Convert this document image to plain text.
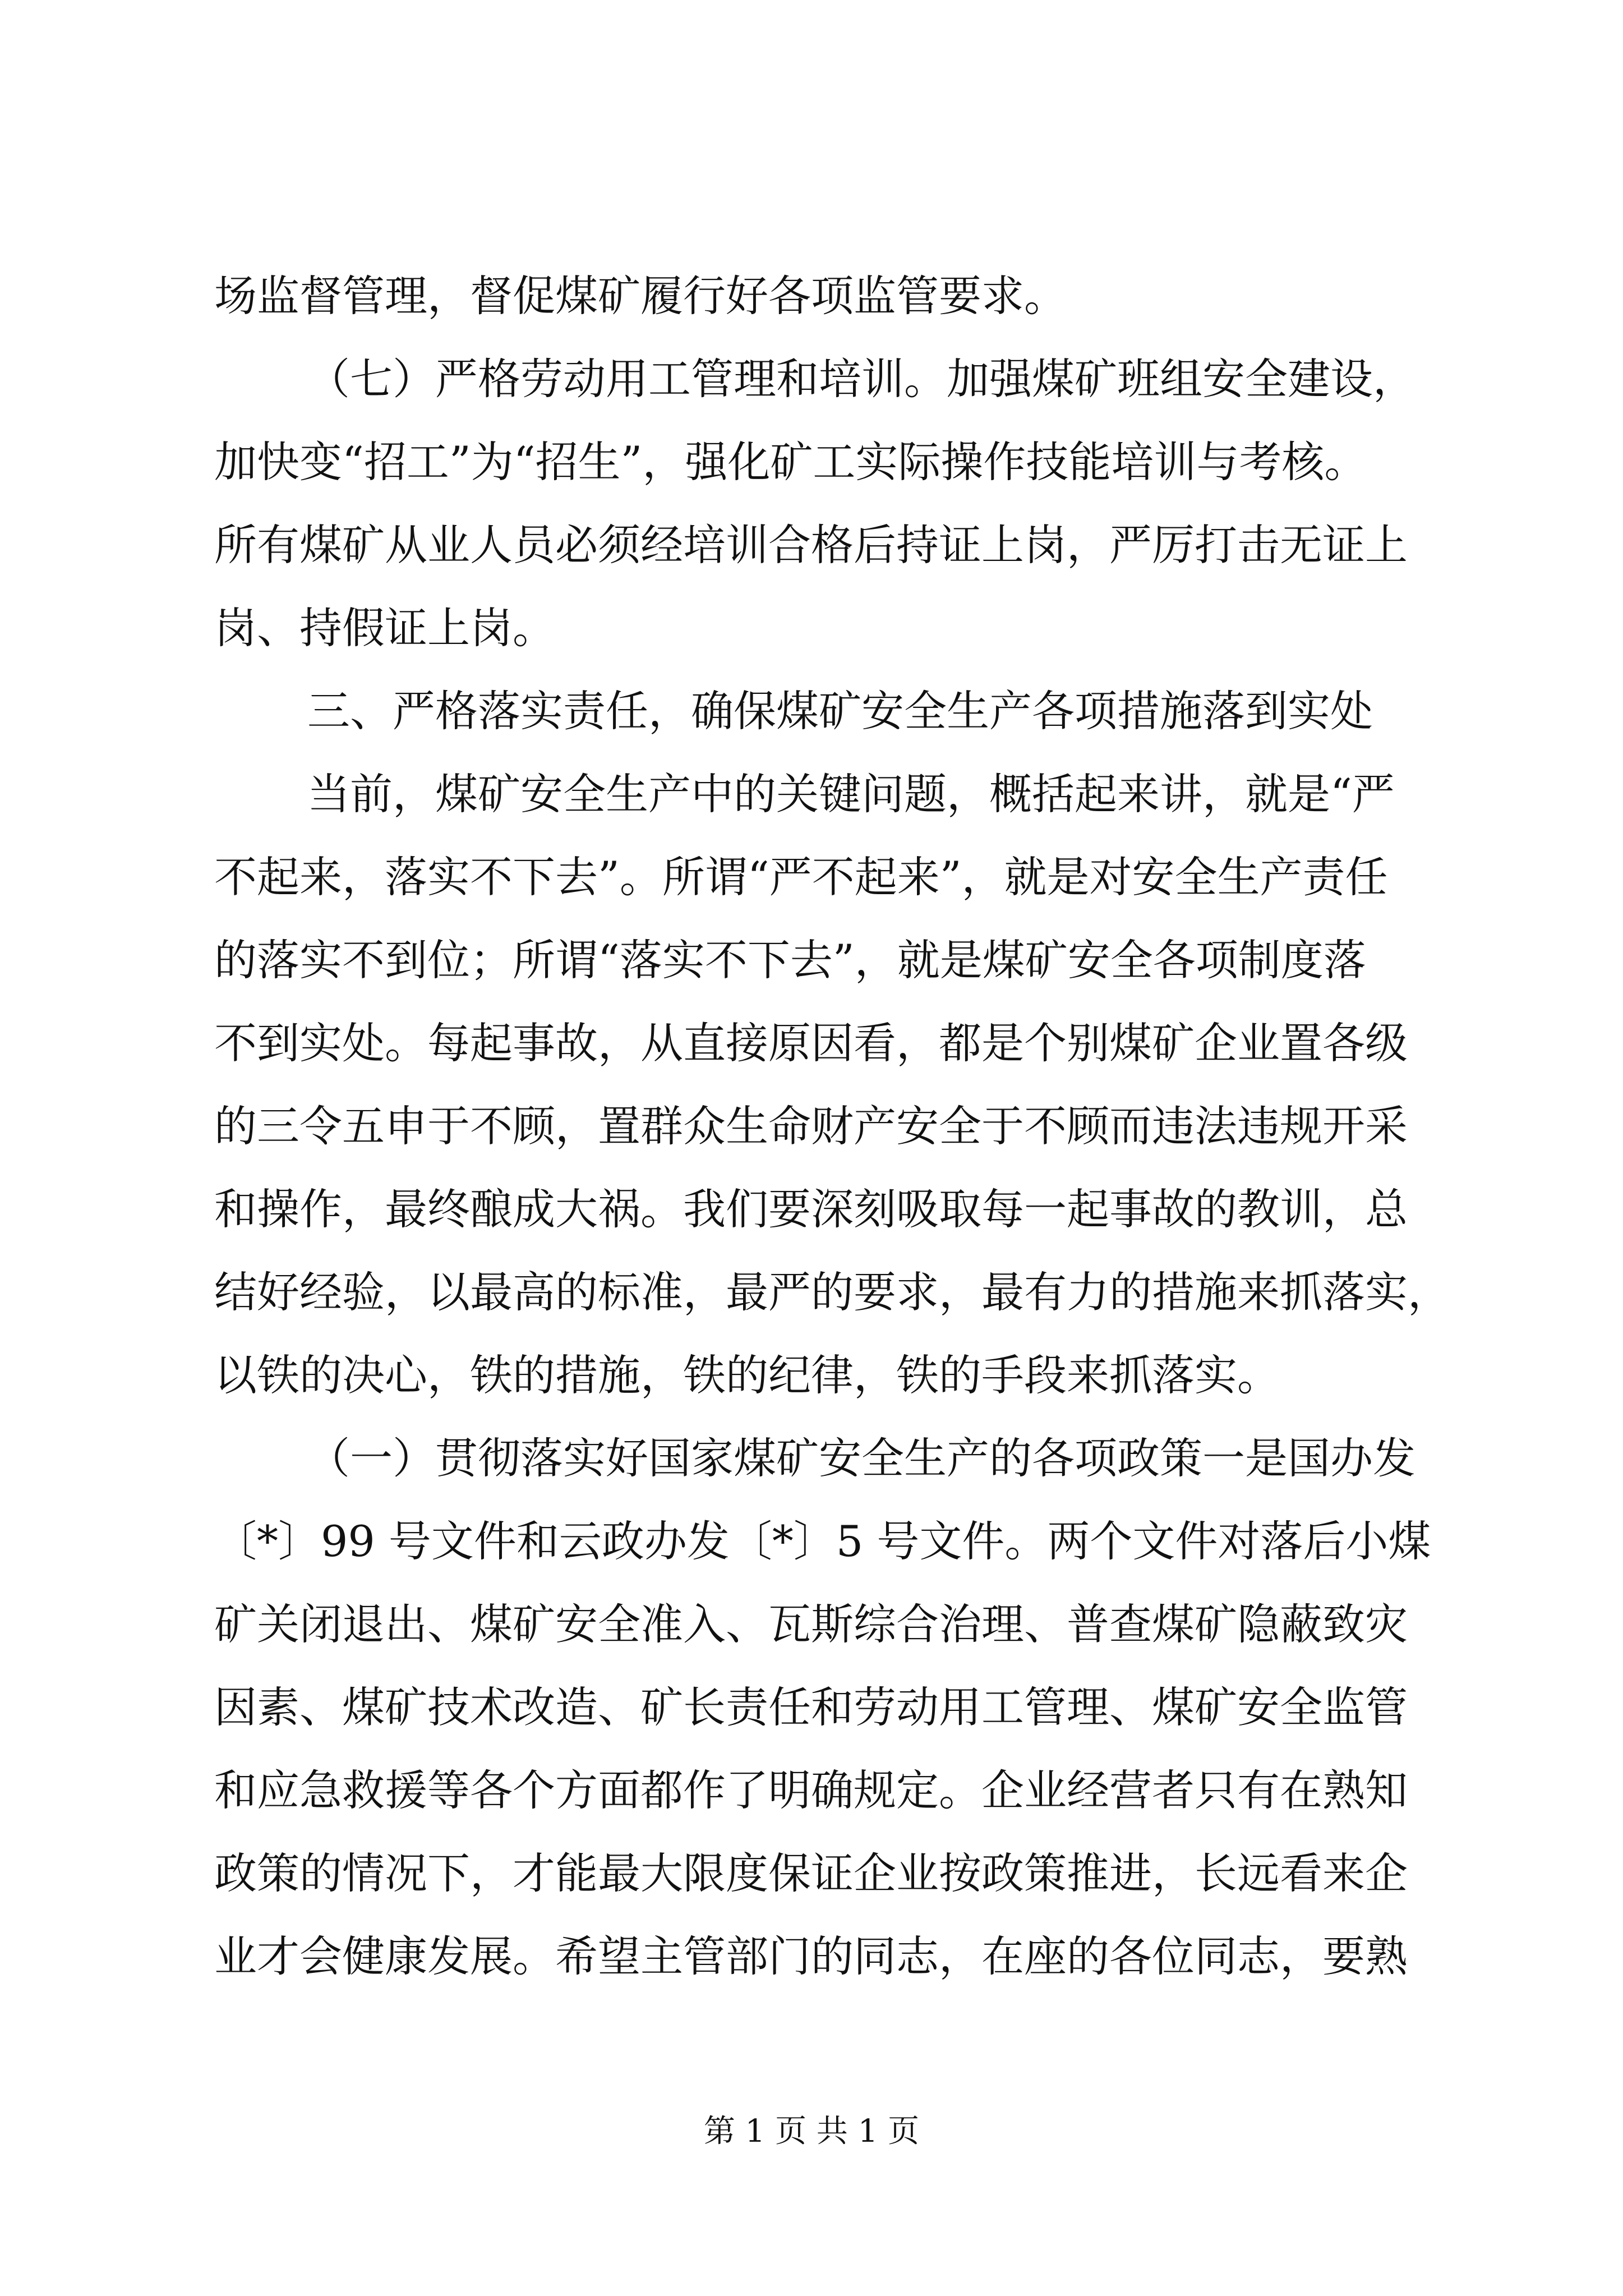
场监督管理，督促煤矿履行好各项监管要求。
（七）严格劳动用工管理和培训。加强煤矿班组安全建设，
加快变“招工”为“招生”，强化矿工实际操作技能培训与考核。
所有煤矿从业人员必须经培训合格后持证上岗，严厉打击无证上
岗、持假证上岗。
三、严格落实责任，确保煤矿安全生产各项措施落到实处
当前，煤矿安全生产中的关键问题，概括起来讲，就是“严
不起来，落实不下去”。所谓“严不起来”，就是对安全生产责任
的落实不到位；所谓“落实不下去”，就是煤矿安全各项制度落
不到实处。每起事故，从直接原因看，都是个别煤矿企业置各级
的三令五申于不顾，置群众生命财产安全于不顾而违法违规开采
和操作，最终酿成大祸。我们要深刻吸取每一起事故的教训，总
结好经验，以最高的标准，最严的要求，最有力的措施来抓落实，
以铁的决心，铁的措施，铁的纪律，铁的手段来抓落实。
（一）贯彻落实好国家煤矿安全生产的各项政策一是国办发
〔*〕99 号文件和云政办发〔*〕5 号文件。两个文件对落后小煤
矿关闭退出、煤矿安全准入、瓦斯综合治理、普查煤矿隐蔽致灾
因素、煤矿技术改造、矿长责任和劳动用工管理、煤矿安全监管
和应急救援等各个方面都作了明确规定。企业经营者只有在熟知
政策的情况下，才能最大限度保证企业按政策推进，长远看来企
业才会健康发展。希望主管部门的同志，在座的各位同志，要熟
第 1 页 共 1 页
